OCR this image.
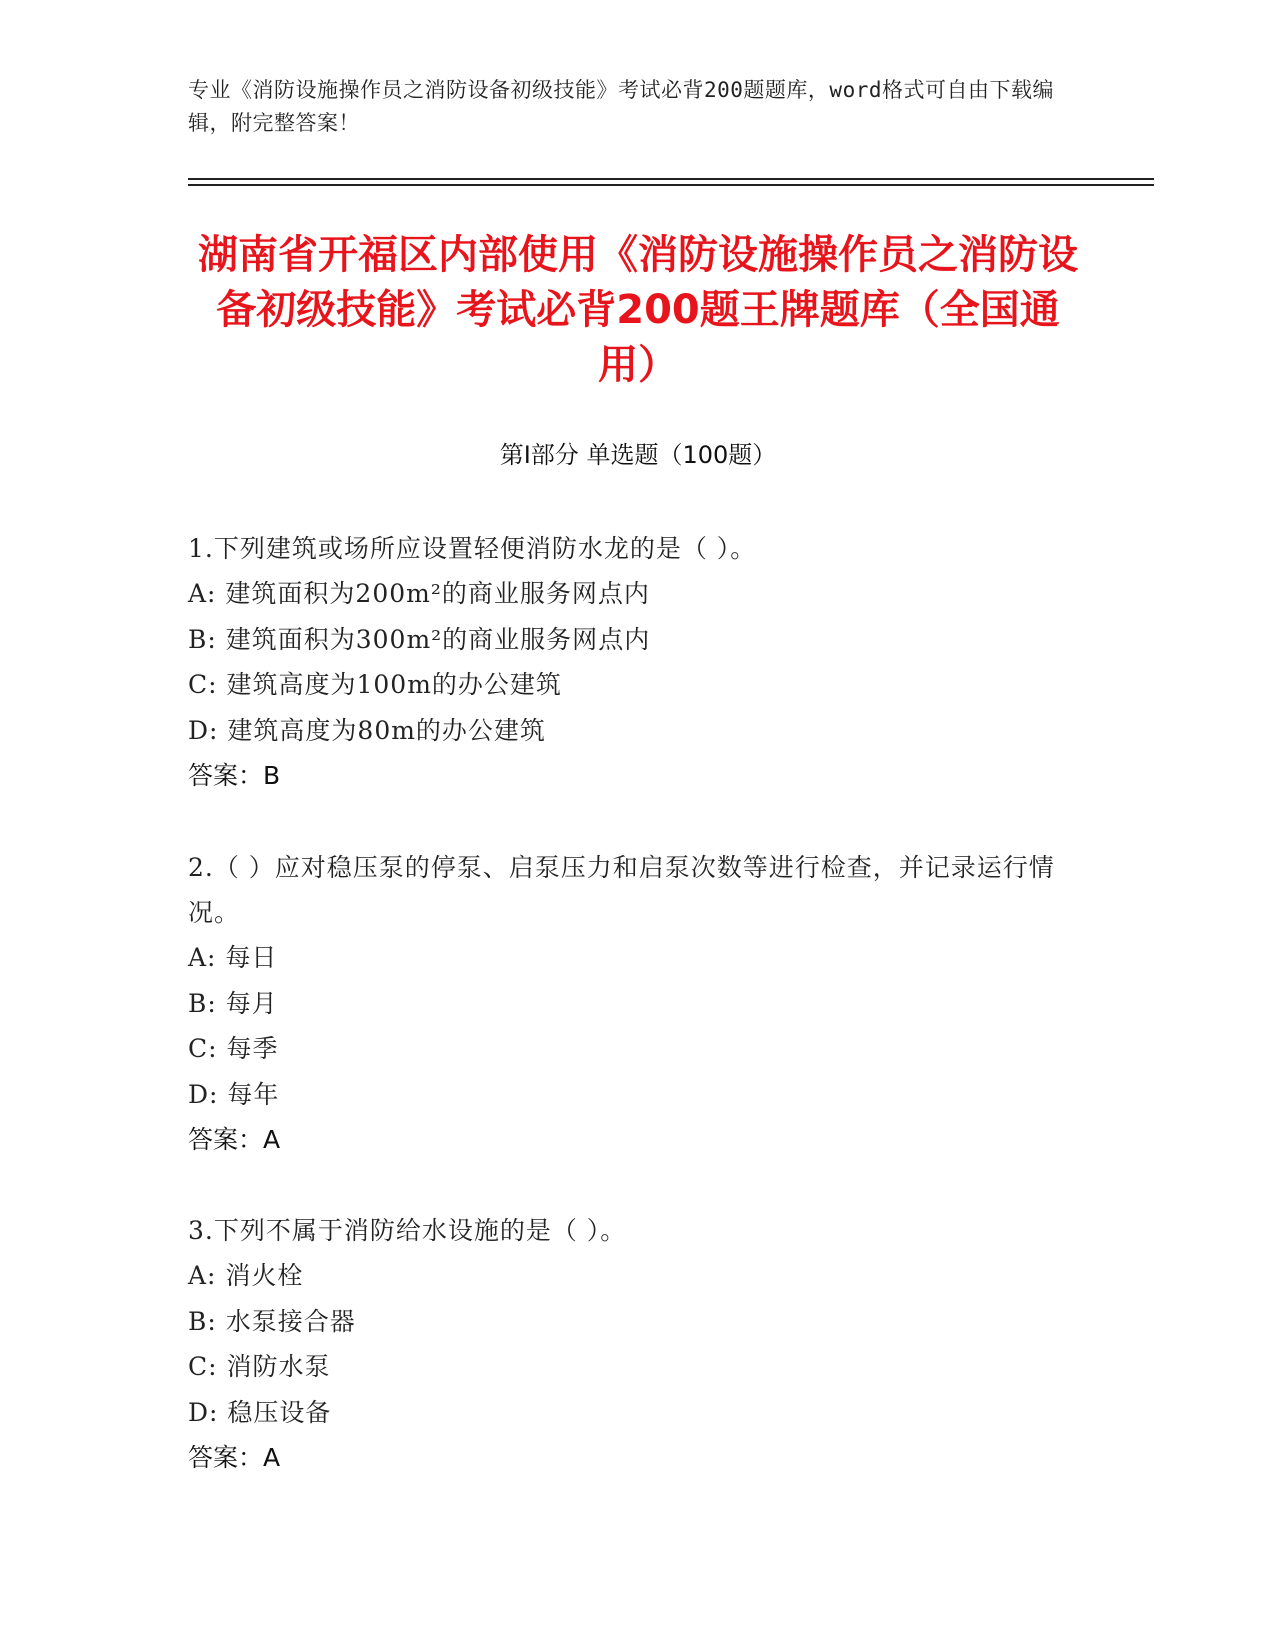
专业《消防设施操作员之消防设备初级技能》考试必背200题题库，word格式可自由下载编辑，附完整答案！
湖南省开福区内部使用《消防设施操作员之消防设备初级技能》考试必背200题王牌题库（全国通用）
第Ⅰ部分 单选题（100题）
1.下列建筑或场所应设置轻便消防水龙的是（ ）。
A: 建筑面积为200m²的商业服务网点内
B: 建筑面积为300m²的商业服务网点内
C: 建筑高度为100m的办公建筑
D: 建筑高度为80m的办公建筑
答案：B
2.（ ）应对稳压泵的停泵、启泵压力和启泵次数等进行检查，并记录运行情况。
A: 每日
B: 每月
C: 每季
D: 每年
答案：A
3.下列不属于消防给水设施的是（ ）。
A: 消火栓
B: 水泵接合器
C: 消防水泵
D: 稳压设备
答案：A
